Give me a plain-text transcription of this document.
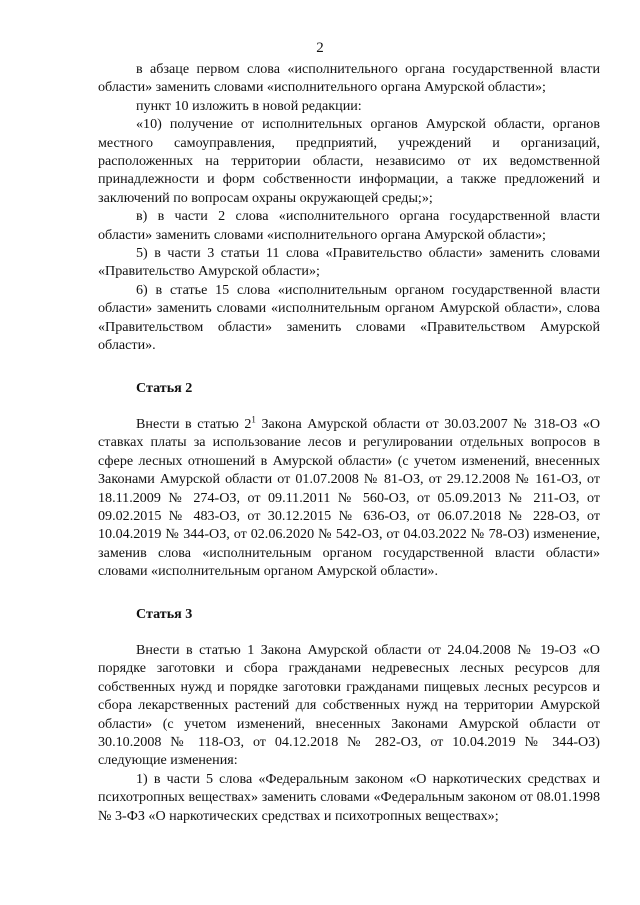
2

в абзаце первом слова «исполнительного органа государственной власти области» заменить словами «исполнительного органа Амурской области»;

пункт 10 изложить в новой редакции:

«10) получение от исполнительных органов Амурской области, органов местного самоуправления, предприятий, учреждений и организаций, расположенных на территории области, независимо от их ведомственной принадлежности и форм собственности информации, а также предложений и заключений по вопросам охраны окружающей среды;»;

в) в части 2 слова «исполнительного органа государственной власти области» заменить словами «исполнительного органа Амурской области»;

5) в части 3 статьи 11 слова «Правительство области» заменить словами «Правительство Амурской области»;

6) в статье 15 слова «исполнительным органом государственной власти области» заменить словами «исполнительным органом Амурской области», слова «Правительством области» заменить словами «Правительством Амурской области».

Статья 2

Внести в статью $2^1$ Закона Амурской области от 30.03.2007 № 318-ОЗ «О ставках платы за использование лесов и регулировании отдельных вопросов в сфере лесных отношений в Амурской области» (с учетом изменений, внесенных Законами Амурской области от 01.07.2008 № 81-ОЗ, от 29.12.2008 № 161-ОЗ, от 18.11.2009 № 274-ОЗ, от 09.11.2011 № 560-ОЗ, от 05.09.2013 № 211-ОЗ, от 09.02.2015 № 483-ОЗ, от 30.12.2015 № 636-ОЗ, от 06.07.2018 № 228-ОЗ, от 10.04.2019 № 344-ОЗ, от 02.06.2020 № 542-ОЗ, от 04.03.2022 № 78-ОЗ) изменение, заменив слова «исполнительным органом государственной власти области» словами «исполнительным органом Амурской области».

Статья 3

Внести в статью 1 Закона Амурской области от 24.04.2008 № 19-ОЗ «О порядке заготовки и сбора гражданами недревесных лесных ресурсов для собственных нужд и порядке заготовки гражданами пищевых лесных ресурсов и сбора лекарственных растений для собственных нужд на территории Амурской области» (с учетом изменений, внесенных Законами Амурской области от 30.10.2008 № 118-ОЗ, от 04.12.2018 № 282-ОЗ, от 10.04.2019 № 344-ОЗ) следующие изменения:

1) в части 5 слова «Федеральным законом «О наркотических средствах и психотропных веществах» заменить словами «Федеральным законом от 08.01.1998 № 3-ФЗ «О наркотических средствах и психотропных веществах»;
